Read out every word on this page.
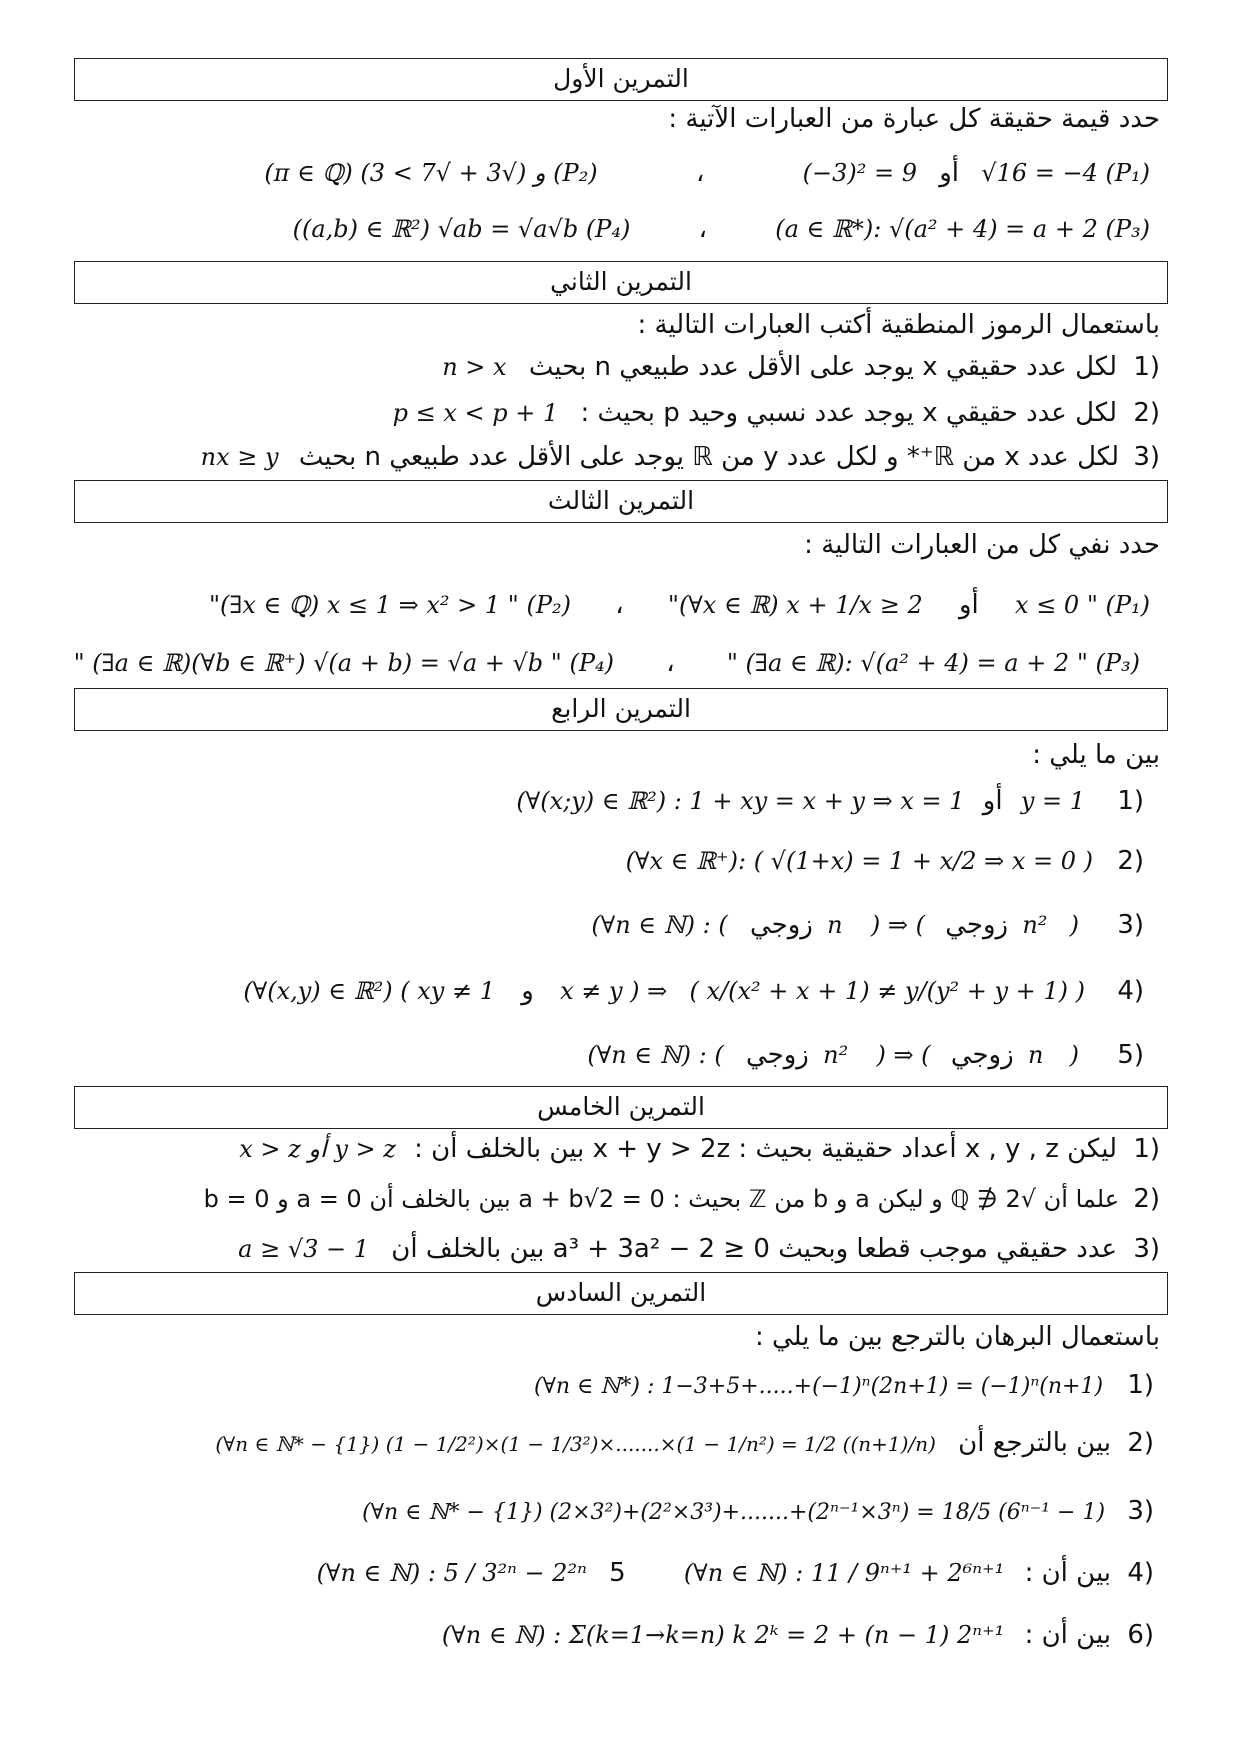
التمرين الأول
حدد قيمة حقيقة كل عبارة من العبارات الآتية :
√16 = −4 (P₁) أو (−3)² = 9 ، (π ∈ ℚ) و (√3 + √7 > 3) (P₂)
(a ∈ ℝ*): √(a² + 4) = a + 2 (P₃) ، ((a,b) ∈ ℝ²) √ab = √a√b (P₄)
التمرين الثاني
باستعمال الرموز المنطقية أكتب العبارات التالية :
1) لكل عدد حقيقي x يوجد على الأقل عدد طبيعي n بحيث n > x
2) لكل عدد حقيقي x يوجد عدد نسبي وحيد p بحيث : p ≤ x < p + 1
3) لكل عدد x من ℝ⁺* و لكل عدد y من ℝ يوجد على الأقل عدد طبيعي n بحيث nx ≥ y
التمرين الثالث
حدد نفي كل من العبارات التالية :
x ≤ 0 " (P₁) أو "(∀x ∈ ℝ) x + 1/x ≥ 2 ، "(∃x ∈ ℚ) x ≤ 1 ⇒ x² > 1 " (P₂)
" (∃a ∈ ℝ): √(a² + 4) = a + 2 " (P₃) ، " (∃a ∈ ℝ)(∀b ∈ ℝ⁺) √(a + b) = √a + √b " (P₄)
التمرين الرابع
بين ما يلي :
1) y = 1 أو (∀(x;y) ∈ ℝ²) : 1 + xy = x + y ⇒ x = 1
2) (∀x ∈ ℝ⁺): ( √(1+x) = 1 + x/2 ⇒ x = 0 )
3) ) n² زوجي ) ⇒ ( n زوجي (∀n ∈ ℕ) : (
4) ( x/(x² + x + 1) ≠ y/(y² + y + 1) ) x ≠ y ) ⇒ و (∀(x,y) ∈ ℝ²) ( xy ≠ 1
5) ) n زوجي ) ⇒ ( n² زوجي (∀n ∈ ℕ) : (
التمرين الخامس
1) ليكن x , y , z أعداد حقيقية بحيث : x + y > 2z بين بالخلف أن : x > z أو y > z
2) علما أن √2 ∉ ℚ و ليكن a و b من ℤ بحيث : a + b√2 = 0 بين بالخلف أن a = 0 و b = 0
3) عدد حقيقي موجب قطعا وبحيث a³ + 3a² − 2 ≥ 0 بين بالخلف أن a ≥ √3 − 1
التمرين السادس
باستعمال البرهان بالترجع بين ما يلي :
1) (∀n ∈ ℕ*) : 1−3+5+.....+(−1)ⁿ(2n+1) = (−1)ⁿ(n+1)
2) بين بالترجع أن (∀n ∈ ℕ* − {1}) (1 − 1/2²)×(1 − 1/3²)×.......×(1 − 1/n²) = 1/2 ((n+1)/n)
3) (∀n ∈ ℕ* − {1}) (2×3²)+(2²×3³)+.......+(2ⁿ⁻¹×3ⁿ) = 18/5 (6ⁿ⁻¹ − 1)
4) بين أن : (∀n ∈ ℕ) : 11 / 9ⁿ⁺¹ + 2⁶ⁿ⁺¹ 5 (∀n ∈ ℕ) : 5 / 3²ⁿ − 2²ⁿ
6) بين أن : (∀n ∈ ℕ) : Σ(k=1→k=n) k 2ᵏ = 2 + (n − 1) 2ⁿ⁺¹
